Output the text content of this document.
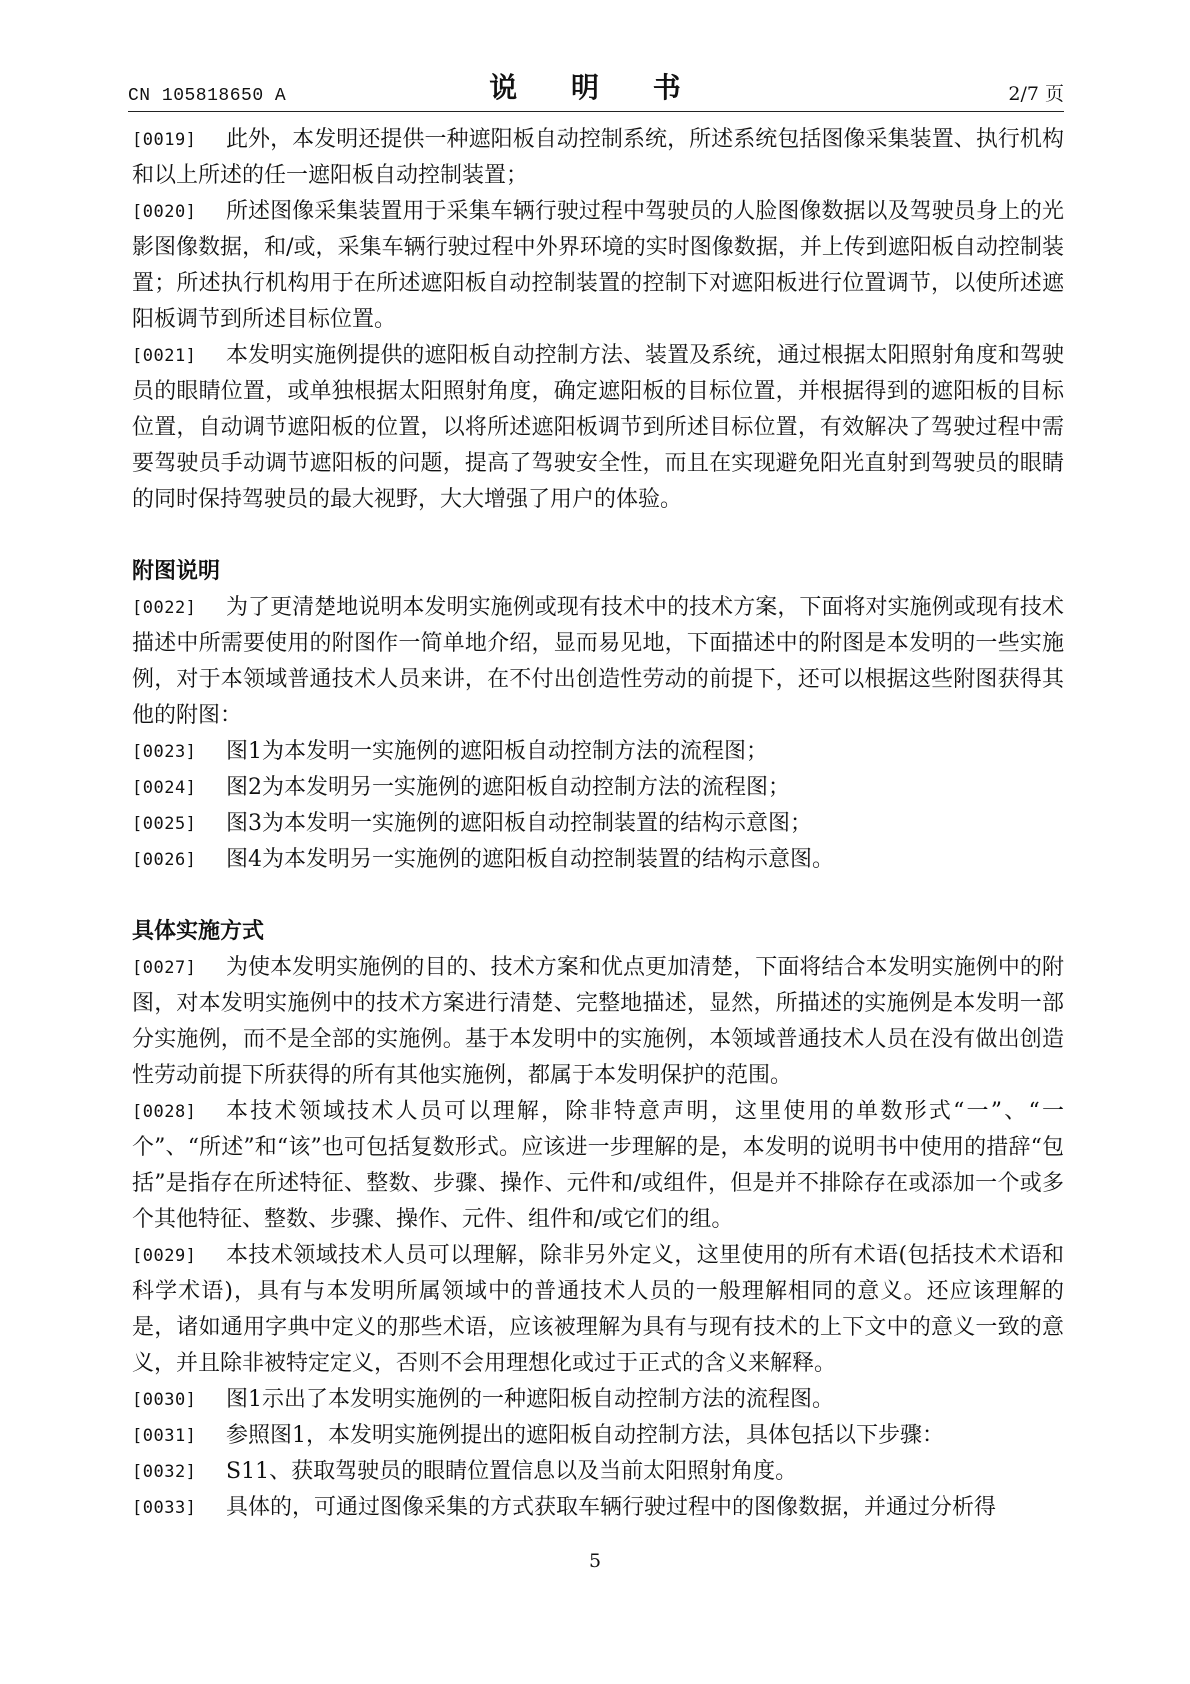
CN 105818650 A	说 明 书	2/7 页
[0019]	此外，本发明还提供一种遮阳板自动控制系统，所述系统包括图像采集装置、执行机构和以上所述的任一遮阳板自动控制装置；

[0020]	所述图像采集装置用于采集车辆行驶过程中驾驶员的人脸图像数据以及驾驶员身上的光影图像数据，和/或，采集车辆行驶过程中外界环境的实时图像数据，并上传到遮阳板自动控制装置；所述执行机构用于在所述遮阳板自动控制装置的控制下对遮阳板进行位置调节，以使所述遮阳板调节到所述目标位置。

[0021]	本发明实施例提供的遮阳板自动控制方法、装置及系统，通过根据太阳照射角度和驾驶员的眼睛位置，或单独根据太阳照射角度，确定遮阳板的目标位置，并根据得到的遮阳板的目标位置，自动调节遮阳板的位置，以将所述遮阳板调节到所述目标位置，有效解决了驾驶过程中需要驾驶员手动调节遮阳板的问题，提高了驾驶安全性，而且在实现避免阳光直射到驾驶员的眼睛的同时保持驾驶员的最大视野，大大增强了用户的体验。

附图说明
[0022]	为了更清楚地说明本发明实施例或现有技术中的技术方案，下面将对实施例或现有技术描述中所需要使用的附图作一简单地介绍，显而易见地，下面描述中的附图是本发明的一些实施例，对于本领域普通技术人员来讲，在不付出创造性劳动的前提下，还可以根据这些附图获得其他的附图：

[0023]	图1为本发明一实施例的遮阳板自动控制方法的流程图；

[0024]	图2为本发明另一实施例的遮阳板自动控制方法的流程图；

[0025]	图3为本发明一实施例的遮阳板自动控制装置的结构示意图；

[0026]	图4为本发明另一实施例的遮阳板自动控制装置的结构示意图。

具体实施方式
[0027]	为使本发明实施例的目的、技术方案和优点更加清楚，下面将结合本发明实施例中的附图，对本发明实施例中的技术方案进行清楚、完整地描述，显然，所描述的实施例是本发明一部分实施例，而不是全部的实施例。基于本发明中的实施例，本领域普通技术人员在没有做出创造性劳动前提下所获得的所有其他实施例，都属于本发明保护的范围。

[0028]	本技术领域技术人员可以理解，除非特意声明，这里使用的单数形式“一”、“一个”、“所述”和“该”也可包括复数形式。应该进一步理解的是，本发明的说明书中使用的措辞“包括”是指存在所述特征、整数、步骤、操作、元件和/或组件，但是并不排除存在或添加一个或多个其他特征、整数、步骤、操作、元件、组件和/或它们的组。

[0029]	本技术领域技术人员可以理解，除非另外定义，这里使用的所有术语(包括技术术语和科学术语)，具有与本发明所属领域中的普通技术人员的一般理解相同的意义。还应该理解的是，诸如通用字典中定义的那些术语，应该被理解为具有与现有技术的上下文中的意义一致的意义，并且除非被特定定义，否则不会用理想化或过于正式的含义来解释。

[0030]	图1示出了本发明实施例的一种遮阳板自动控制方法的流程图。

[0031]	参照图1，本发明实施例提出的遮阳板自动控制方法，具体包括以下步骤：

[0032]	S11、获取驾驶员的眼睛位置信息以及当前太阳照射角度。

[0033]	具体的，可通过图像采集的方式获取车辆行驶过程中的图像数据，并通过分析得

5
